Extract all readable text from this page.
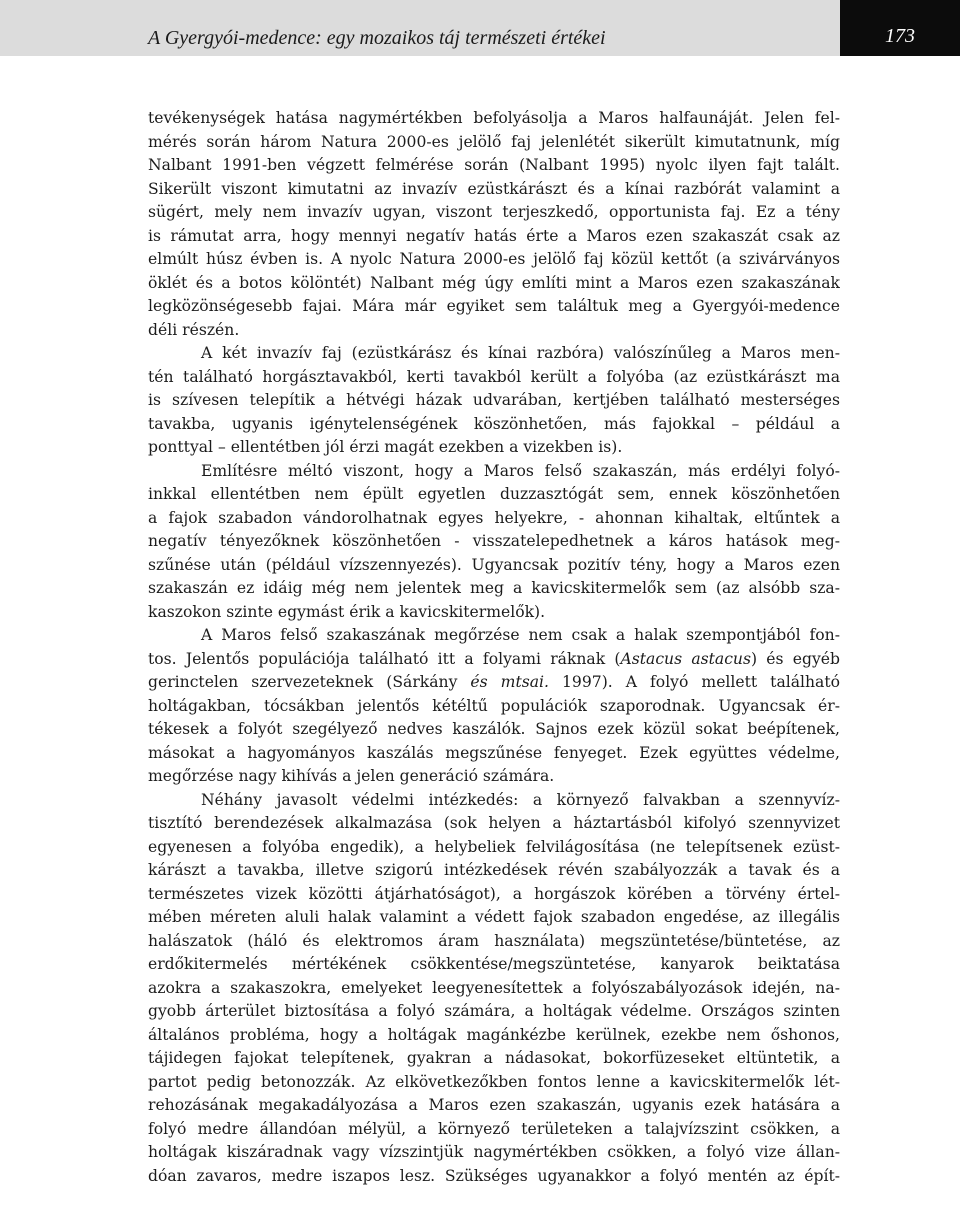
A Gyergyói-medence: egy mozaikos táj természeti értékei	173
tevékenységek hatása nagymértékben befolyásolja a Maros halfaunáját. Jelen fel-
mérés során három Natura 2000-es jelölő faj jelenlétét sikerült kimutatnunk, míg
Nalbant 1991-ben végzett felmérése során (Nalbant 1995) nyolc ilyen fajt talált.
Sikerült viszont kimutatni az invazív ezüstkárászt és a kínai razbórát valamint a
sügért, mely nem invazív ugyan, viszont terjeszkedő, opportunista faj. Ez a tény
is rámutat arra, hogy mennyi negatív hatás érte a Maros ezen szakaszát csak az
elmúlt húsz évben is. A nyolc Natura 2000-es jelölő faj közül kettőt (a szivárványos
öklét és a botos kölöntét) Nalbant még úgy említi mint a Maros ezen szakaszának
legközönségesebb fajai. Mára már egyiket sem találtuk meg a Gyergyói-medence
déli részén.
A két invazív faj (ezüstkárász és kínai razbóra) valószínűleg a Maros men-
tén található horgásztavakból, kerti tavakból került a folyóba (az ezüstkárászt ma
is szívesen telepítik a hétvégi házak udvarában, kertjében található mesterséges
tavakba, ugyanis igénytelenségének köszönhetően, más fajokkal – például a
ponttyal – ellentétben jól érzi magát ezekben a vizekben is).
Említésre méltó viszont, hogy a Maros felső szakaszán, más erdélyi folyó-
inkkal ellentétben nem épült egyetlen duzzasztógát sem, ennek köszönhetően
a fajok szabadon vándorolhatnak egyes helyekre, - ahonnan kihaltak, eltűntek a
negatív tényezőknek köszönhetően - visszatelepedhetnek a káros hatások meg-
szűnése után (például vízszennyezés). Ugyancsak pozitív tény, hogy a Maros ezen
szakaszán ez idáig még nem jelentek meg a kavicskitermelők sem (az alsóbb sza-
kaszokon szinte egymást érik a kavicskitermelők).
A Maros felső szakaszának megőrzése nem csak a halak szempontjából fon-
tos. Jelentős populációja található itt a folyami ráknak (Astacus astacus) és egyéb
gerinctelen szervezeteknek (Sárkány és mtsai. 1997). A folyó mellett található
holtágakban, tócsákban jelentős kétéltű populációk szaporodnak. Ugyancsak ér-
tékesek a folyót szegélyező nedves kaszálók. Sajnos ezek közül sokat beépítenek,
másokat a hagyományos kaszálás megszűnése fenyeget. Ezek együttes védelme,
megőrzése nagy kihívás a jelen generáció számára.
Néhány javasolt védelmi intézkedés: a környező falvakban a szennyvíz-
tisztító berendezések alkalmazása (sok helyen a háztartásból kifolyó szennyvizet
egyenesen a folyóba engedik), a helybeliek felvilágosítása (ne telepítsenek ezüst-
kárászt a tavakba, illetve szigorú intézkedések révén szabályozzák a tavak és a
természetes vizek közötti átjárhatóságot), a horgászok körében a törvény értel-
mében méreten aluli halak valamint a védett fajok szabadon engedése, az illegális
halászatok (háló és elektromos áram használata) megszüntetése/büntetése, az
erdőkitermelés mértékének csökkentése/megszüntetése, kanyarok beiktatása
azokra a szakaszokra, emelyeket leegyenesítettek a folyószabályozások idején, na-
gyobb árterület biztosítása a folyó számára, a holtágak védelme. Országos szinten
általános probléma, hogy a holtágak magánkézbe kerülnek, ezekbe nem őshonos,
tájidegen fajokat telepítenek, gyakran a nádasokat, bokorfüzeseket eltüntetik, a
partot pedig betonozzák. Az elkövetkezőkben fontos lenne a kavicskitermelők lét-
rehozásának megakadályozása a Maros ezen szakaszán, ugyanis ezek hatására a
folyó medre állandóan mélyül, a környező területeken a talajvízszint csökken, a
holtágak kiszáradnak vagy vízszintjük nagymértékben csökken, a folyó vize állan-
dóan zavaros, medre iszapos lesz. Szükséges ugyanakkor a folyó mentén az épít-
